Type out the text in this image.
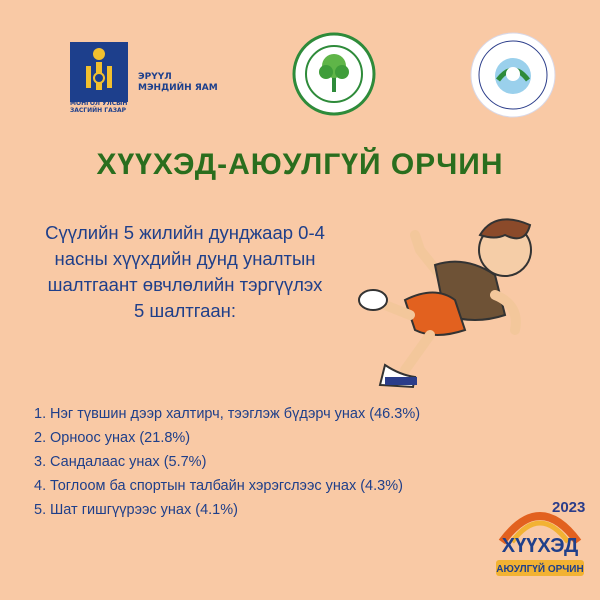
МОНГОЛ УЛСЫН
ЗАСГИЙН ГАЗАР
ЭРҮҮЛ
МЭНДИЙН ЯАМ
ХҮҮХЭД-АЮУЛГҮЙ ОРЧИН
Сүүлийн 5 жилийн дунджаар 0-4
насны хүүхдийн дунд уналтын
шалтгаант өвчлөлийн тэргүүлэх
5 шалтгаан:
1. Нэг түвшин дээр халтирч, тээглэж бүдэрч унах (46.3%)
2. Орноос унах (21.8%)
3. Сандалаас унах (5.7%)
4. Тоглоом ба спортын талбайн хэрэгслээс унах (4.3%)
5. Шат гишгүүрээс унах (4.1%)	2023
ХҮҮХЭД
АЮУЛГҮЙ ОРЧИН
